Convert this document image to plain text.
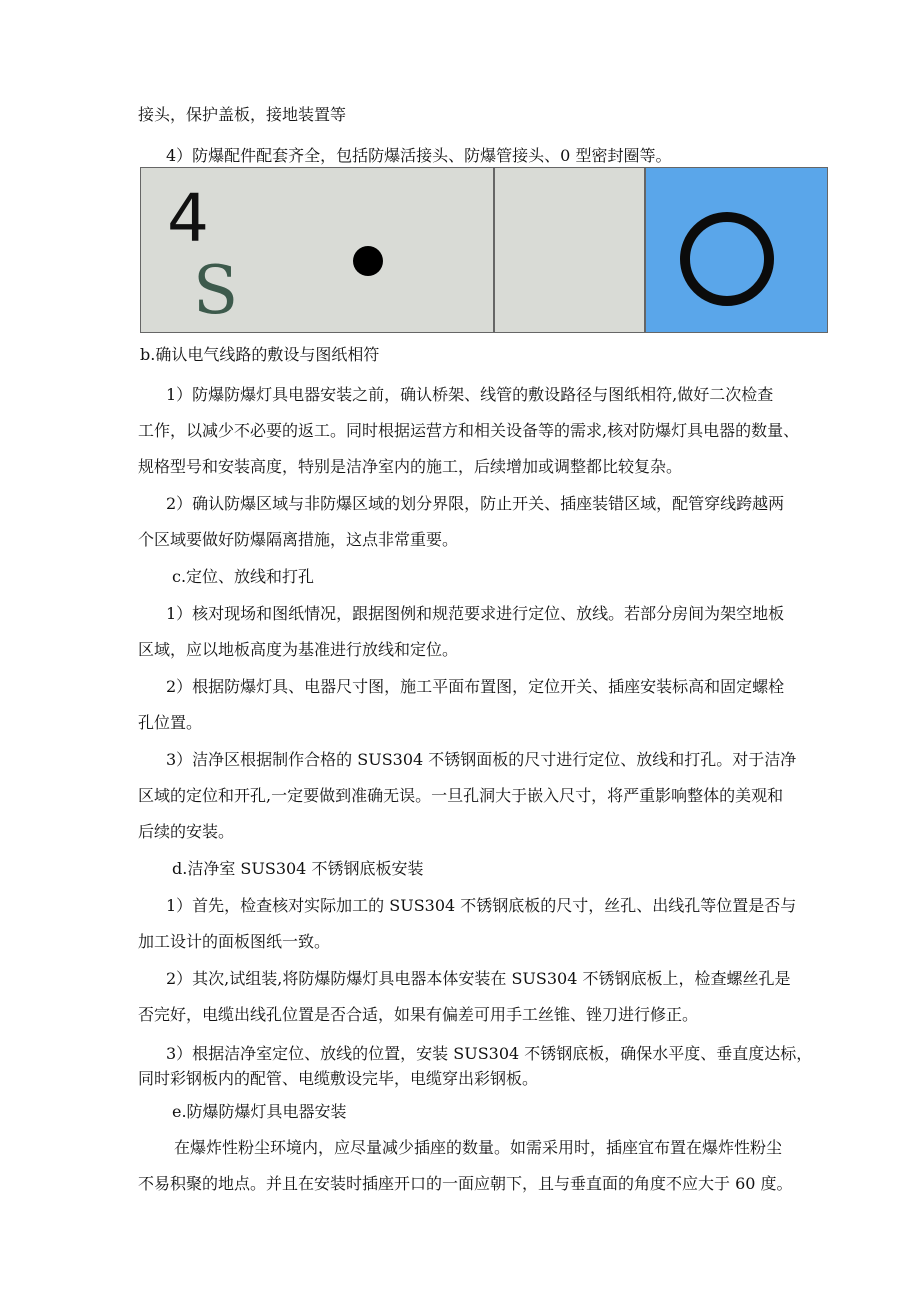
接头，保护盖板，接地装置等

4）防爆配件配套齐全，包括防爆活接头、防爆管接头、0 型密封圈等。

4
S

b.确认电气线路的敷设与图纸相符

1）防爆防爆灯具电器安装之前，确认桥架、线管的敷设路径与图纸相符,做好二次检查

工作，以减少不必要的返工。同时根据运营方和相关设备等的需求,核对防爆灯具电器的数量、

规格型号和安装高度，特别是洁净室内的施工，后续增加或调整都比较复杂。

2）确认防爆区域与非防爆区域的划分界限，防止开关、插座装错区域，配管穿线跨越两

个区域要做好防爆隔离措施，这点非常重要。

c.定位、放线和打孔

1）核对现场和图纸情况，跟据图例和规范要求进行定位、放线。若部分房间为架空地板

区域，应以地板高度为基准进行放线和定位。

2）根据防爆灯具、电器尺寸图，施工平面布置图，定位开关、插座安装标高和固定螺栓

孔位置。

3）洁净区根据制作合格的 SUS304 不锈钢面板的尺寸进行定位、放线和打孔。对于洁净

区域的定位和开孔,一定要做到准确无误。一旦孔洞大于嵌入尺寸，将严重影响整体的美观和

后续的安装。

d.洁净室 SUS304 不锈钢底板安装

1）首先，检查核对实际加工的 SUS304 不锈钢底板的尺寸，丝孔、出线孔等位置是否与

加工设计的面板图纸一致。

2）其次,试组装,将防爆防爆灯具电器本体安装在 SUS304 不锈钢底板上，检查螺丝孔是

否完好，电缆出线孔位置是否合适，如果有偏差可用手工丝锥、锉刀进行修正。

3）根据洁净室定位、放线的位置，安装 SUS304 不锈钢底板，确保水平度、垂直度达标，

同时彩钢板内的配管、电缆敷设完毕，电缆穿出彩钢板。

e.防爆防爆灯具电器安装

在爆炸性粉尘环境内，应尽量减少插座的数量。如需采用时，插座宜布置在爆炸性粉尘

不易积聚的地点。并且在安装时插座开口的一面应朝下，且与垂直面的角度不应大于 60 度。
